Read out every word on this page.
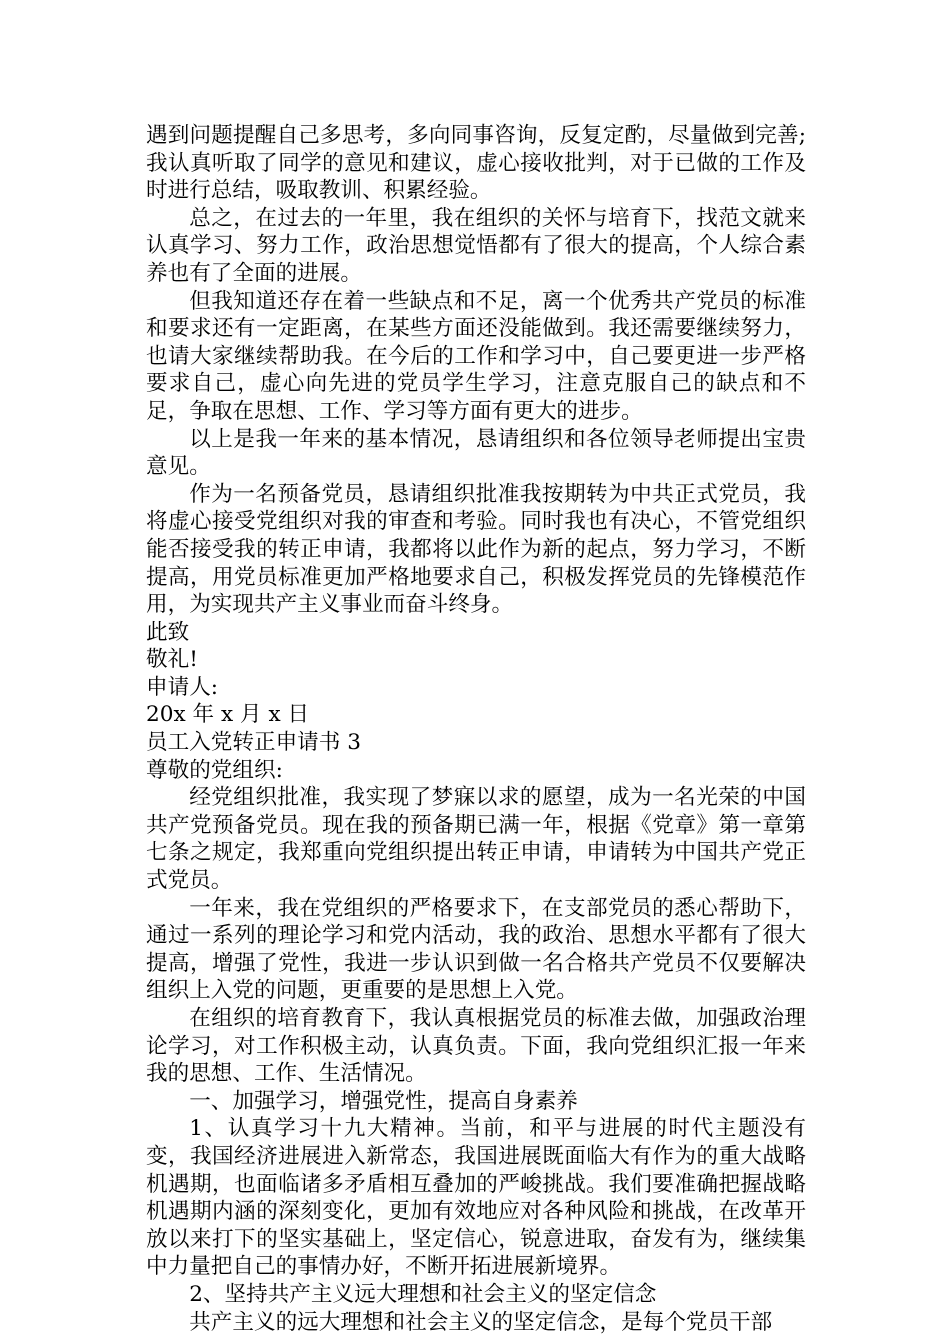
遇到问题提醒自己多思考，多向同事咨询，反复定酌，尽量做到完善;我认真听取了同学的意见和建议，虚心接收批判，对于已做的工作及时进行总结，吸取教训、积累经验。

总之，在过去的一年里，我在组织的关怀与培育下，找范文就来认真学习、努力工作，政治思想觉悟都有了很大的提高，个人综合素养也有了全面的进展。

但我知道还存在着一些缺点和不足，离一个优秀共产党员的标准和要求还有一定距离，在某些方面还没能做到。我还需要继续努力，也请大家继续帮助我。在今后的工作和学习中，自己要更进一步严格要求自己，虚心向先进的党员学生学习，注意克服自己的缺点和不足，争取在思想、工作、学习等方面有更大的进步。

以上是我一年来的基本情况，恳请组织和各位领导老师提出宝贵意见。

作为一名预备党员，恳请组织批准我按期转为中共正式党员，我将虚心接受党组织对我的审查和考验。同时我也有决心，不管党组织能否接受我的转正申请，我都将以此作为新的起点，努力学习，不断提高，用党员标准更加严格地要求自己，积极发挥党员的先锋模范作用，为实现共产主义事业而奋斗终身。

此致

敬礼!

申请人:

20x 年 x 月 x 日

员工入党转正申请书 3

尊敬的党组织:

经党组织批准，我实现了梦寐以求的愿望，成为一名光荣的中国共产党预备党员。现在我的预备期已满一年，根据《党章》第一章第七条之规定，我郑重向党组织提出转正申请，申请转为中国共产党正式党员。

一年来，我在党组织的严格要求下，在支部党员的悉心帮助下，通过一系列的理论学习和党内活动，我的政治、思想水平都有了很大提高，增强了党性，我进一步认识到做一名合格共产党员不仅要解决组织上入党的问题，更重要的是思想上入党。

在组织的培育教育下，我认真根据党员的标准去做，加强政治理论学习，对工作积极主动，认真负责。下面，我向党组织汇报一年来我的思想、工作、生活情况。

一、加强学习，增强党性，提高自身素养

1、认真学习十九大精神。当前，和平与进展的时代主题没有变，我国经济进展进入新常态，我国进展既面临大有作为的重大战略机遇期，也面临诸多矛盾相互叠加的严峻挑战。我们要准确把握战略机遇期内涵的深刻变化，更加有效地应对各种风险和挑战，在改革开放以来打下的坚实基础上，坚定信心，锐意进取，奋发有为，继续集中力量把自己的事情办好，不断开拓进展新境界。

2、坚持共产主义远大理想和社会主义的坚定信念

共产主义的远大理想和社会主义的坚定信念，是每个党员干部
